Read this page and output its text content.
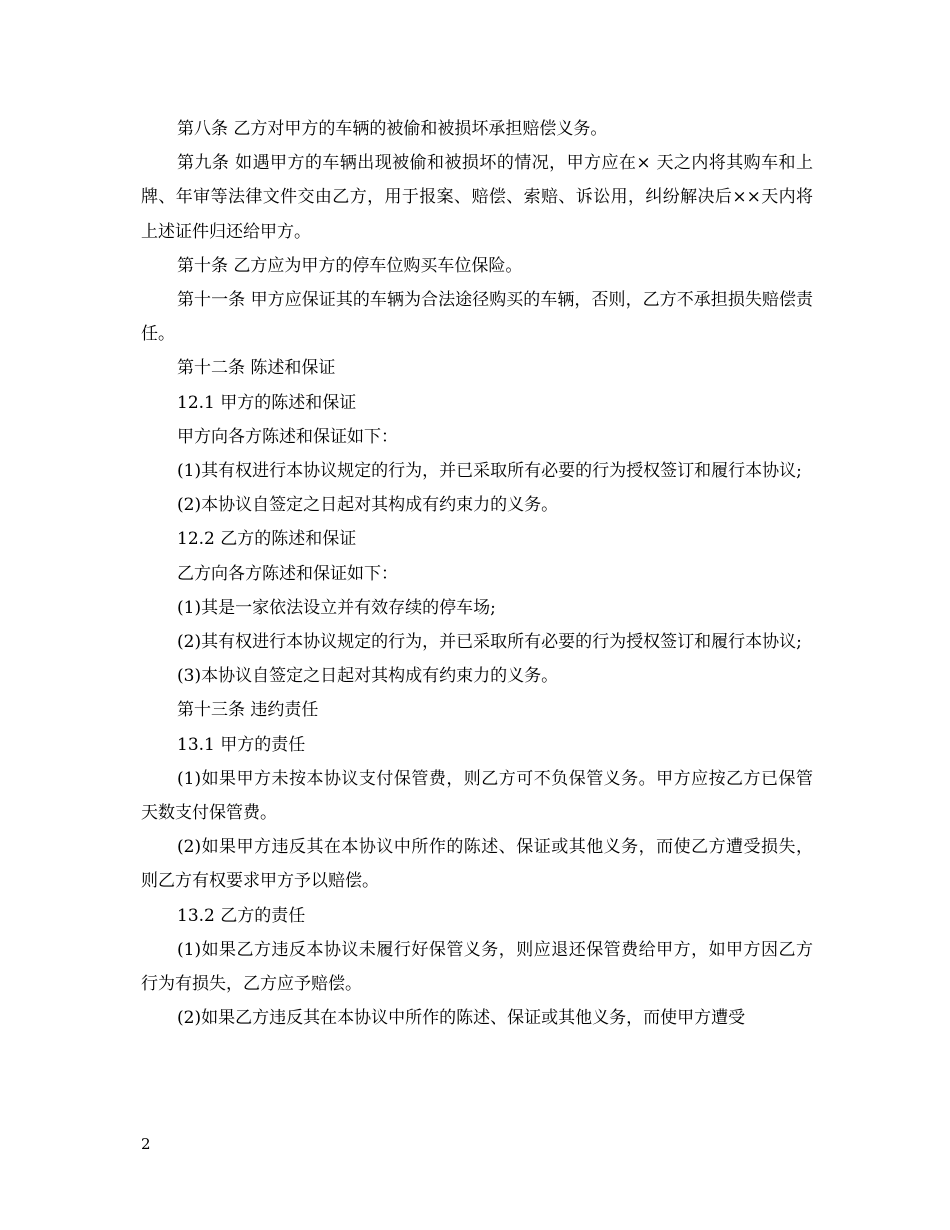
第八条 乙方对甲方的车辆的被偷和被损坏承担赔偿义务。

第九条 如遇甲方的车辆出现被偷和被损坏的情况，甲方应在× 天之内将其购车和上牌、年审等法律文件交由乙方，用于报案、赔偿、索赔、诉讼用，纠纷解决后××天内将上述证件归还给甲方。

第十条 乙方应为甲方的停车位购买车位保险。

第十一条 甲方应保证其的车辆为合法途径购买的车辆，否则，乙方不承担损失赔偿责任。

第十二条 陈述和保证

12.1 甲方的陈述和保证

甲方向各方陈述和保证如下：

(1)其有权进行本协议规定的行为，并已采取所有必要的行为授权签订和履行本协议;

(2)本协议自签定之日起对其构成有约束力的义务。

12.2 乙方的陈述和保证

乙方向各方陈述和保证如下：

(1)其是一家依法设立并有效存续的停车场;

(2)其有权进行本协议规定的行为，并已采取所有必要的行为授权签订和履行本协议;

(3)本协议自签定之日起对其构成有约束力的义务。

第十三条 违约责任

13.1 甲方的责任

(1)如果甲方未按本协议支付保管费，则乙方可不负保管义务。甲方应按乙方已保管天数支付保管费。

(2)如果甲方违反其在本协议中所作的陈述、保证或其他义务，而使乙方遭受损失，则乙方有权要求甲方予以赔偿。

13.2 乙方的责任

(1)如果乙方违反本协议未履行好保管义务，则应退还保管费给甲方，如甲方因乙方行为有损失，乙方应予赔偿。

(2)如果乙方违反其在本协议中所作的陈述、保证或其他义务，而使甲方遭受

2
